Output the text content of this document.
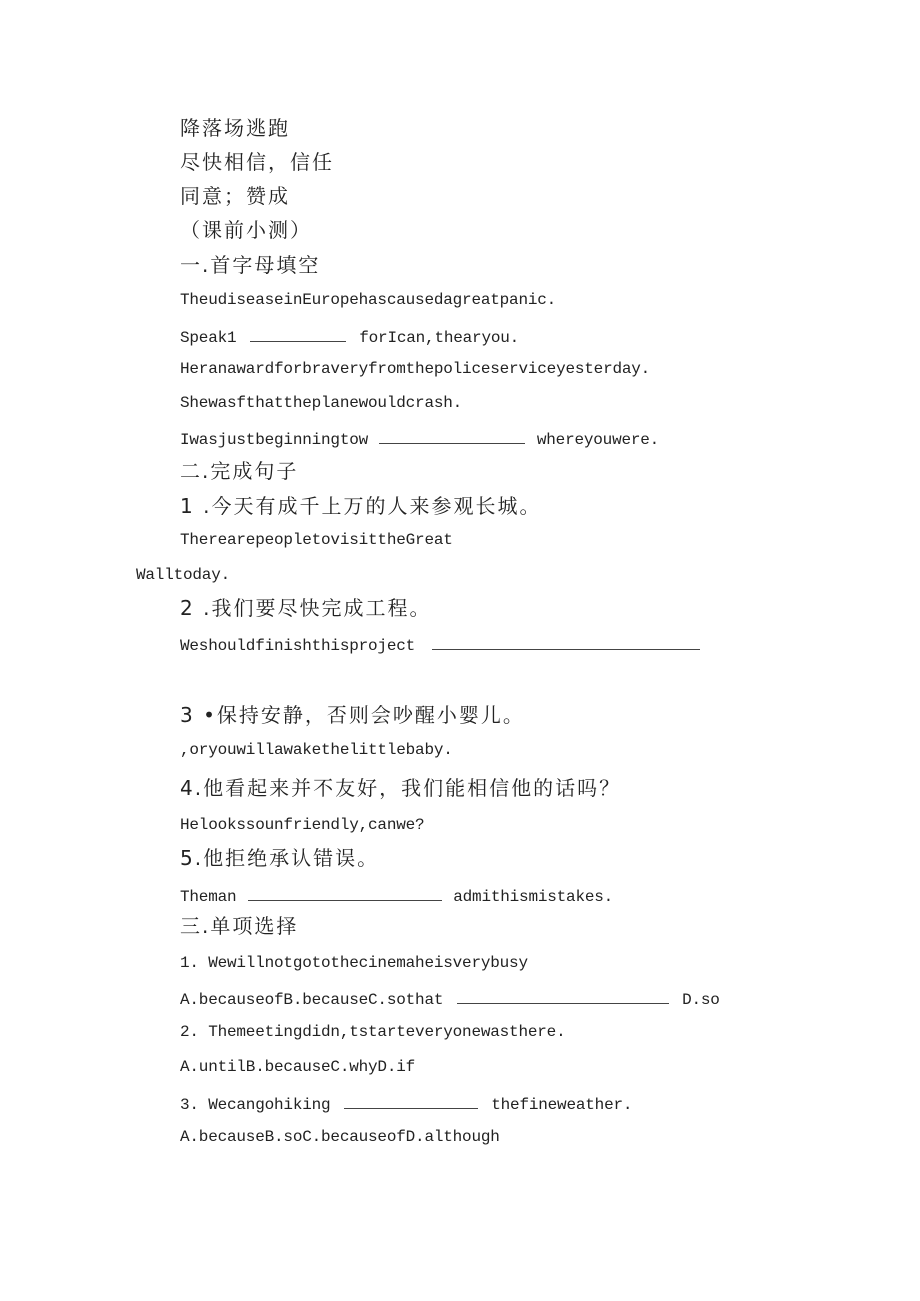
降落场逃跑
尽快相信，信任
同意；赞成
（课前小测）
一.首字母填空
TheudiseaseinEuropehascausedagreatpanic.
Speak1	forIcan,thearyou.
Heranawardforbraveryfromthepoliceserviceyesterday.
Shewasfthattheplanewouldcrash.
Iwasjustbeginningtow	whereyouwere.
二.完成句子
1 .今天有成千上万的人来参观长城。
TherearepeopletovisittheGreat
Walltoday.
2 .我们要尽快完成工程。
Weshouldfinishthisproject
3 •保持安静，否则会吵醒小婴儿。
,oryouwillawakethelittlebaby.
4.他看起来并不友好，我们能相信他的话吗？
Helookssounfriendly,canwe?
5.他拒绝承认错误。
Theman	admithismistakes.
三.单项选择
1. Wewillnotgotothecinemaheisverybusy
A.becauseofB.becauseC.sothat	D.so
2. Themeetingdidn,tstarteveryonewasthere.
A.untilB.becauseC.whyD.if
3. Wecangohiking	thefineweather.
A.becauseB.soC.becauseofD.although
